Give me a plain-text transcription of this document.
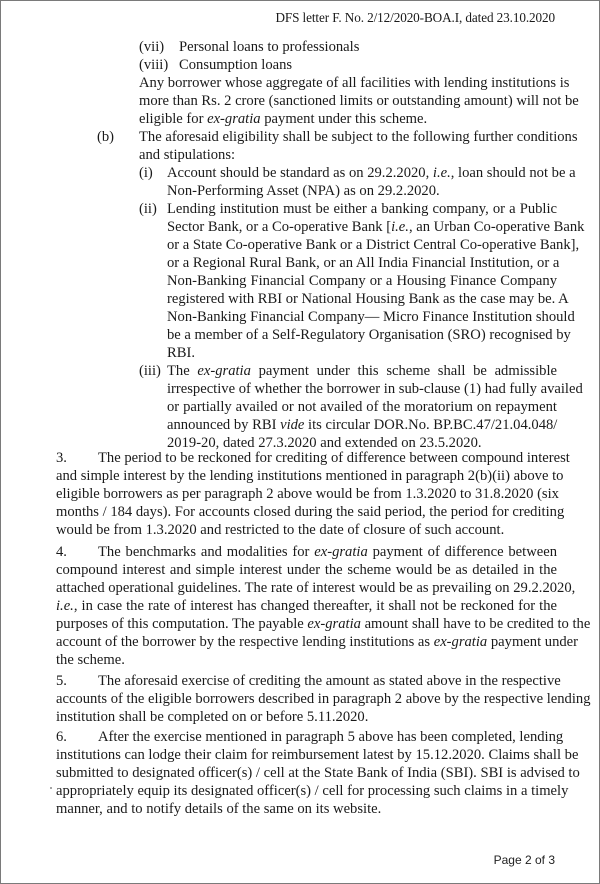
DFS letter F. No. 2/12/2020-BOA.I, dated 23.10.2020
(vii) Personal loans to professionals
(viii) Consumption loans
Any borrower whose aggregate of all facilities with lending institutions is
more than Rs. 2 crore (sanctioned limits or outstanding amount) will not be
eligible for ex-gratia payment under this scheme.
(b) The aforesaid eligibility shall be subject to the following further conditions
and stipulations:
(i) Account should be standard as on 29.2.2020, i.e., loan should not be a
Non-Performing Asset (NPA) as on 29.2.2020.
(ii) Lending institution must be either a banking company, or a Public
Sector Bank, or a Co-operative Bank [i.e., an Urban Co-operative Bank
or a State Co-operative Bank or a District Central Co-operative Bank],
or a Regional Rural Bank, or an All India Financial Institution, or a
Non-Banking Financial Company or a Housing Finance Company
registered with RBI or National Housing Bank as the case may be. A
Non-Banking Financial Company— Micro Finance Institution should
be a member of a Self-Regulatory Organisation (SRO) recognised by
RBI.
(iii) The ex-gratia payment under this scheme shall be admissible
irrespective of whether the borrower in sub-clause (1) had fully availed
or partially availed or not availed of the moratorium on repayment
announced by RBI vide its circular DOR.No. BP.BC.47/21.04.048/
2019-20, dated 27.3.2020 and extended on 23.5.2020.
3. The period to be reckoned for crediting of difference between compound interest
and simple interest by the lending institutions mentioned in paragraph 2(b)(ii) above to
eligible borrowers as per paragraph 2 above would be from 1.3.2020 to 31.8.2020 (six
months / 184 days). For accounts closed during the said period, the period for crediting
would be from 1.3.2020 and restricted to the date of closure of such account.
4. The benchmarks and modalities for ex-gratia payment of difference between
compound interest and simple interest under the scheme would be as detailed in the
attached operational guidelines. The rate of interest would be as prevailing on 29.2.2020,
i.e., in case the rate of interest has changed thereafter, it shall not be reckoned for the
purposes of this computation. The payable ex-gratia amount shall have to be credited to the
account of the borrower by the respective lending institutions as ex-gratia payment under
the scheme.
5. The aforesaid exercise of crediting the amount as stated above in the respective
accounts of the eligible borrowers described in paragraph 2 above by the respective lending
institution shall be completed on or before 5.11.2020.
6. After the exercise mentioned in paragraph 5 above has been completed, lending
institutions can lodge their claim for reimbursement latest by 15.12.2020. Claims shall be
submitted to designated officer(s) / cell at the State Bank of India (SBI). SBI is advised to
appropriately equip its designated officer(s) / cell for processing such claims in a timely
manner, and to notify details of the same on its website.
Page 2 of 3
